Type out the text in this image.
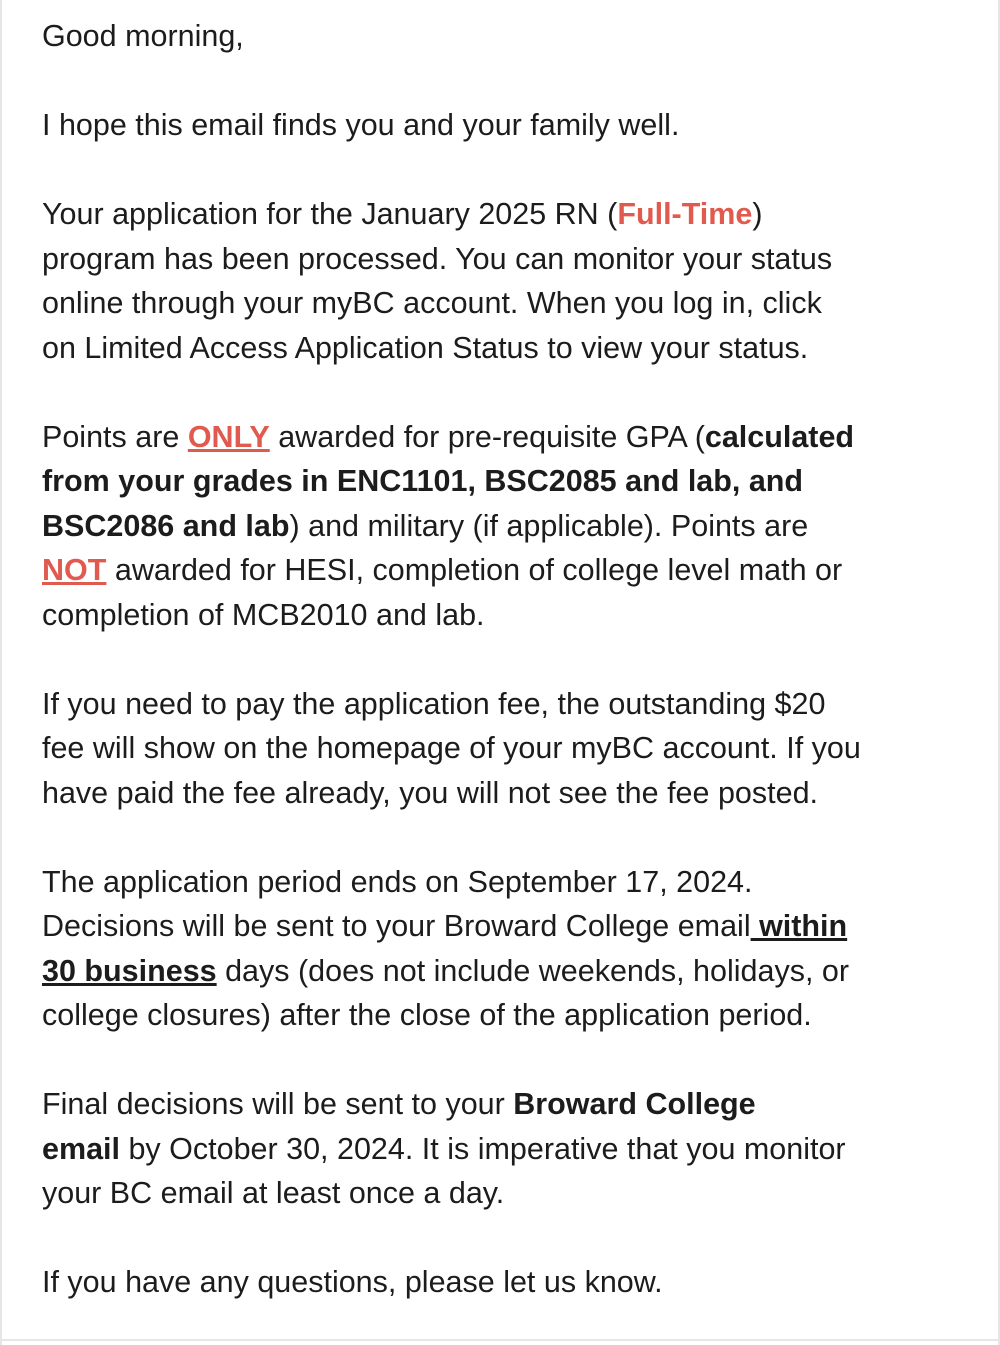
Good morning,

I hope this email finds you and your family well.

Your application for the January 2025 RN (Full-Time)
program has been processed. You can monitor your status
online through your myBC account. When you log in, click
on Limited Access Application Status to view your status.

Points are ONLY awarded for pre-requisite GPA (calculated
from your grades in ENC1101, BSC2085 and lab, and
BSC2086 and lab) and military (if applicable). Points are
NOT awarded for HESI, completion of college level math or
completion of MCB2010 and lab.

If you need to pay the application fee, the outstanding $20
fee will show on the homepage of your myBC account. If you
have paid the fee already, you will not see the fee posted.

The application period ends on September 17, 2024.
Decisions will be sent to your Broward College email within
30 business days (does not include weekends, holidays, or
college closures) after the close of the application period.

Final decisions will be sent to your Broward College
email by October 30, 2024. It is imperative that you monitor
your BC email at least once a day.

If you have any questions, please let us know.
